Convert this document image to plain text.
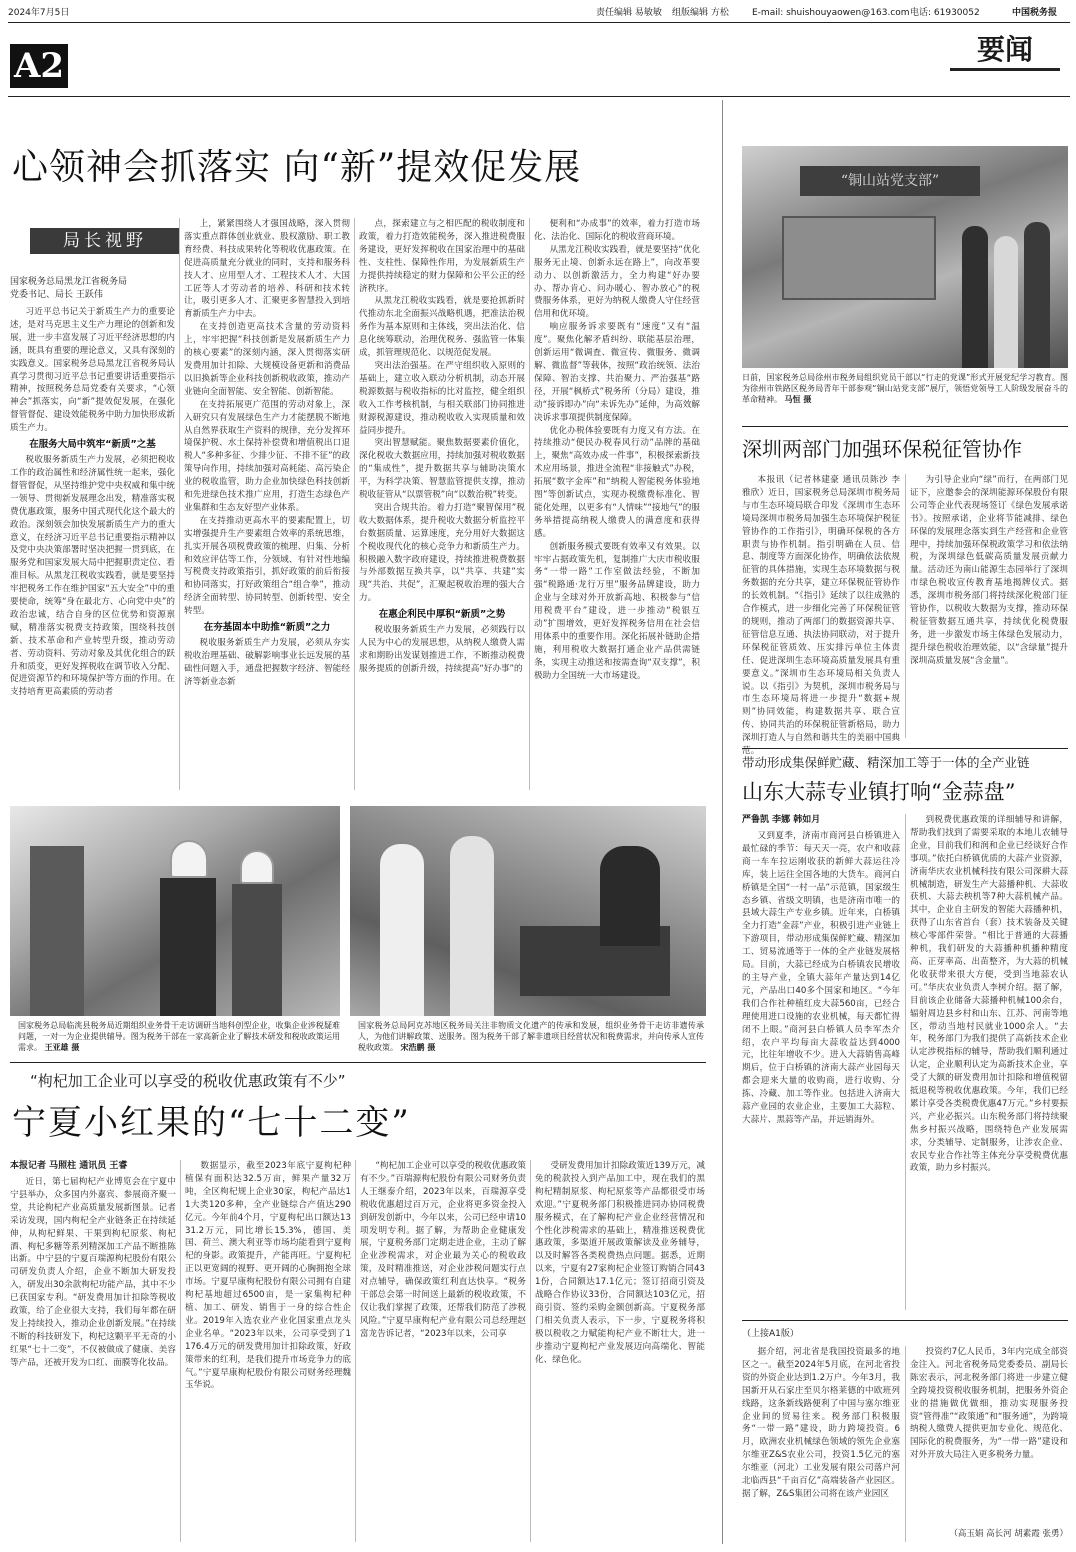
2024年7月5日	责任编辑 易敏敏 组版编辑 方松	E-mail: shuishouyaowen@163.com 电话: 61930052	中国税务报
A2	要闻
心领神会抓落实 向“新”提效促发展
局长视野
国家税务总局黑龙江省税务局
党委书记、局长 王跃伟

习近平总书记关于新质生产力的重要论述，是对马克思主义生产力理论的创新和发展，进一步丰富发展了习近平经济思想的内涵，既具有重要的理论意义，又具有深刻的实践意义。国家税务总局黑龙江省税务局认真学习贯彻习近平总书记重要讲话重要指示精神，按照税务总局党委有关要求，“心领神会”抓落实，向“新”提效促发展，在强化督管督促、建设效能税务中助力加快形成新质生产力。

在服务大局中筑牢“新质”之基

税收服务新质生产力发展，必须把税收工作的政治属性和经济属性统一起来，强化督管督促，从坚持维护党中央权威和集中统一领导、贯彻新发展理念出发，精准落实税费优惠政策，服务中国式现代化这个最大的政治。深刻领会加快发展新质生产力的重大意义，在经济习近平总书记重要指示精神以及党中央决策部署时坚决把握一贯到底，在服务党和国家发展大局中把握职责定位、看准目标。从黑龙江税收实践看，就是要坚持牢把税务工作在维护国家“五大安全”中的重要使命，统筹“身在最北方、心向党中央”的政治忠诚，结合自身的区位优势和资源禀赋，精准落实税费支持政策，围绕科技创新、技术革命和产业转型升级，推动劳动者、劳动资料、劳动对象及其优化组合的跃升和质变，更好发挥税收在调节收入分配、促进资源节约和环境保护等方面的作用。在支持培育更高素质的劳动者

上，紧紧围绕人才强国战略，深入贯彻落实重点群体创业就业、股权激励、职工教育经费、科技成果转化等税收优惠政策。在促进高质量充分就业的同时，支持和服务科技人才、应用型人才、工程技术人才、大国工匠等人才劳动者的培养、科研和技术转让，吸引更多人才、汇聚更多智慧投入到培育新质生产力中去。

在支持创造更高技术含量的劳动资料上，牢牢把握“科技创新是发展新质生产力的核心要素”的深刻内涵，深入贯彻落实研发费用加计扣除、大规模设备更新和消费品以旧换新等企业科技创新税收政策，推动产业链向全面智能、安全智能、创新智能。

在支持拓展更广范围的劳动对象上，深入研究只有发展绿色生产力才能摆脱不断地从自然界获取生产资料的规律，充分发挥环境保护税、水土保持补偿费和增值税出口退税人“多种多征、少排少征、不排不征”的政策导向作用，持续加强对高耗能、高污染企业的税收监管，助力企业加快绿色科技创新和先进绿色技术推广应用，打造生态绿色产业集群和生态友好型产业体系。

在支持推动更高水平的要素配置上，切实增强提升生产要素组合效率的系统思维，扎实开展各项税费政策的梳理、归集、分析和效应评估等工作，分领域、有针对性地编写税费支持政策指引，抓好政策的前后衔接和协同落实，打好政策组合“组合拳”，推动经济全面转型、协同转型、创新转型、安全转型。

在夯基固本中助推“新质”之力

税收服务新质生产力发展，必须从夯实税收治理基础、破解影响事业长远发展的基础性问题入手，通盘把握数字经济、智能经济等新业态新

点，探索建立与之相匹配的税收制度和政策，着力打造效能税务，深入推进税费服务建设，更好发挥税收在国家治理中的基础性、支柱性、保障性作用，为发展新质生产力提供持续稳定的财力保障和公平公正的经济秩序。

从黑龙江税收实践看，就是要抢抓新时代推动东北全面振兴战略机遇，把准法治税务作为基本原则和主体线，突出法治化、信息化统筹联动，治理优税务、强监管一体集成，抓管理规范化、以规范促发展。

突出法治强基。在严守组织收入原则的基础上，建立收入联动分析机制，动态开展税源数据与税收指标的比对监控，健全组织收入工作考核机制，与相关联部门协同推进财源税源建设，推动税收收入实现质量和效益同步提升。

突出智慧赋能。聚焦数据要素价值化，深化税收大数据应用，持续加强对税收数据的“集成性”，提升数据共享与辅助决策水平，为科学决策、智慧监管提供支撑，推动税收征管从“以票管税”向“以数治税”转变。

突出合规共治。着力打造“聚智保用”税收大数据体系，提升税收大数据分析监控平台数据质量、运算速度，充分用好大数据这个税收现代化的核心竞争力和新质生产力。积极融入数字政府建设，持续推进税费数据与外部数据互换共享，以“共享、共建”实现“共治、共促”，汇聚起税收治理的强大合力。

在惠企利民中厚积“新质”之势

税收服务新质生产力发展，必须践行以人民为中心的发展思想，从纳税人缴费人需求和期盼出发谋划推进工作，不断推动税费服务提质的创新升级，持续提高“好办事”的

便利和“办成事”的效率，着力打造市场化、法治化、国际化的税收营商环境。

从黑龙江税收实践看，就是要坚持“优化服务无止境、创新永远在路上”，向改革要动力、以创新激活力，全力构建“好办要办、帮办肯心、问办暖心、智办放心”的税费服务体系，更好为纳税人缴费人守住经营信用和优环境。

响应服务诉求要既有“速度”又有“温度”。聚焦化解矛盾纠纷、联能基层治理，创新运用“微调査、微宣传、微服务、微调解、微监督”等载体，按照“政治统领、法治保障、智治支撑、共治聚力、严治强基”路径，开展“枫桥式”税务所（分局）建设，推动“接诉即办”向“未诉先办”延伸，为高效解决诉求事项提供制度保障。

优化办税体验要既有力度又有方法。在持续推动“便民办税春风行动”品牌的基础上，聚焦“高效办成一件事”，积极探索新技术应用场景，推进全流程“非接触式”办税，拓展“数字金库”和“纳税人智能税务体验地图”等创新试点，实现办税缴费标准化、智能化处理，以更多有“人情味”“接地气”的服务举措提高纳税人缴费人的满意度和获得感。

创新服务模式要既有效率又有效果。以牢牢占据政策先机，复制推广大庆市税收服务“一带一路”工作室做法经验，不断加强“税路通·龙行万里”服务品牌建设，助力企业与全球对外开放新高地、积极参与“信用税费平台”建设，进一步推动“税银互动”扩围增效，更好发挥税务信用在社会信用体系中的重要作用。深化拓展补链助企措施，利用税收大数据打通企业产品供需链条，实现主动推送和按需查询“双支撑”，积极助力全国统一大市场建设。

“铜山站党支部”
日前，国家税务总局徐州市税务局组织党员干部以“行走的党课”形式开展党纪学习教育。图为徐州市铁路区税务局青年干部参观“铜山站党支部”展厅，领悟党领导工人阶级发展奋斗的革命精神。 马恒 摄
深圳两部门加强环保税征管协作

本报讯（记者林建豪 通讯员陈沙 李雅欣）近日，国家税务总局深圳市税务局与市生态环境局联合印发《深圳市生态环境局深圳市税务局加强生态环境保护税征管协作的工作指引》，明确环保税的各方职责与协作机制。指引明确在人员、信息、制度等方面深化协作，明确依法依规征管的具体措施，实现生态环境数据与税务数据的充分共享，建立环保税征管协作的长效机制。“《指引》延续了以往成熟的合作模式，进一步细化完善了环保税征管的规则，推动了两部门的数据资源共享、征管信息互通、执法协同联动，对于提升环保税征管质效、压实排污单位主体责任、促进深圳生态环境高质量发展具有重要意义。”深圳市生态环境局相关负责人说。以《指引》为契机，深圳市税务局与市生态环境局将进一步提升“数据+规则”协同效能，构建数据共享、联合宣传、协同共治的环保税征管新格局，助力深圳打造人与自然和谐共生的美丽中国典范。

为引导企业向“绿”而行，在两部门见证下，应邀参会的深圳能源环保股份有限公司等企业代表现场签订《绿色发展承诺书》。按照承诺，企业将节能减排、绿色环保的发展理念落实到生产经营和企业管理中，持续加强环保税政策学习和依法纳税，为深圳绿色低碳高质量发展贡献力量。活动还为南山能源生态园举行了深圳市绿色税收宣传教育基地揭牌仪式。据悉，深圳市税务部门将持续深化税部门征管协作，以税收大数据为支撑，推动环保税征管数据互通共享，持续优化税费服务，进一步激发市场主体绿色发展动力，提升绿色税收治理效能，以“含绿量”提升深圳高质量发展“含金量”。

带动形成集保鲜贮藏、精深加工等于一体的全产业链
山东大蒜专业镇打响“金蒜盘”
严鲁凯 李娜 韩如月

又到夏季，济南市商河县白桥镇进入最忙碌的季节：每天天一亮，农户和收蒜商一车车拉运刚收获的新鲜大蒜运往冷库，装上运往全国各地的大货车。商河白桥镇是全国“一村一品”示范镇，国家级生态乡镇、省级文明镇，也是济南市唯一的县域大蒜生产专业乡镇。近年来，白桥镇全力打造“金蒜”产业，积极引进产业链上下游项目，带动形成集保鲜贮藏、精深加工、贸易流通等于一体的全产业链发展格局。目前，大蒜已经成为白桥镇农民增收的主导产业，全镇大蒜年产量达到14亿元，产品出口40多个国家和地区。“今年我们合作社种植红皮大蒜560亩，已经合理使用进口设施的农业机械，每天都忙得闭不上眼。”商河县白桥镇人员李军杰介绍，农户平均每亩大蒜收益达到4000元，比往年增收不少。进入大蒜销售高峰期后，位于白桥镇的济南大蒜产业园每天都会迎来大量的收购商，进行收购、分拣、冷藏、加工等作业。包括进入济南大蒜产业园的农业企业，主要加工大蒜粒、大蒜片、黑蒜等产品，并远销海外。

到税费优惠政策的详细辅导和讲解，帮助我们找到了需要采取的本地儿农辅导企业，目前我们和润和企业已经谈好合作事项。”依托白桥镇优质的大蒜产业资源，济南华庆农业机械科技有限公司深耕大蒜机械制造，研发生产大蒜播种机、大蒜收获机、大蒜去秧机等7种大蒜机械产品。其中，企业自主研发的智能大蒜播种机，获得了山东省首台（套）技术装备及关键核心零部件荣誉。“相比于普通的大蒜播种机，我们研发的大蒜播种机播种精度高、正芽率高、出苗整齐，为大蒜的机械化收获带来很大方便，受到当地蒜农认可。”华庆农业负责人李树介绍。据了解，目前该企业储备大蒜播种机械100余台，辐射周边县乡村和山东、江苏、河南等地区，带动当地村民就业1000余人。“去年，税务部门为我们提供了高新技术企业认定涉税指标的辅导，帮助我们顺利通过认定，企业顺利认定为高新技术企业，享受了大额的研发费用加计扣除和增值税留抵退税等税收优惠政策。今年，我们已经累计享受各类税费优惠47万元。”乡村要振兴，产业必振兴。山东税务部门将持续聚焦乡村振兴战略，围绕特色产业发展需求，分类辅导、定制服务，让涉农企业、农民专业合作社等主体充分享受税费优惠政策，助力乡村振兴。

（上接A1版）

据介绍，河北省是我国投资最多的地区之一。截至2024年5月底，在河北省投资的外资企业达到1.2万户。今年3月，我国新开从石家庄至贝尔格莱德的中欧班列线路，这条新线路便利了中国与塞尔维亚企业间的贸易往来。税务部门积极服务“一带一路”建设，助力跨境投资。6月，欧洲农业机械绿色领域的领先企业塞尔维亚Z&S农业公司，投资1.5亿元的塞尔维亚（河北）工业发展有限公司落户河北临西县“千亩百亿”高端装备产业园区。据了解，Z&S集团公司将在该产业园区

投资约7亿人民币，3年内完成全部资金注入。河北省税务局党委委员、副局长陈宏表示，河北税务部门将进一步建立健全跨境投资税收服务机制，把服务外资企业的措施做优做细，推动实现服务投资“管得准”“政策通”和“服务通”，为跨境纳税人缴费人提供更加专业化、规范化、国际化的税费服务，为“一带一路”建设和对外开放大局注入更多税务力量。

（高玉娟 高长河 胡素霞 张勇）
国家税务总局临洮县税务局近期组织业务骨干走访调研当地科创型企业，收集企业涉税疑难问题，一对一为企业提供辅导。图为税务干部在一家高新企业了解技术研发和税收政策运用需求。 王亚雄 摄
国家税务总局阿克苏地区税务局关注非物质文化遗产的传承和发展，组织业务骨干走访非遗传承人，为他们讲解政策、送服务。图为税务干部了解非遗项目经营状况和税费需求，并向传承人宣传税收政策。 宋浩鹏 摄
“枸杞加工企业可以享受的税收优惠政策有不少”
宁夏小红果的“七十二变”
本报记者 马照柱 通讯员 王睿

近日，第七届枸杞产业博览会在宁夏中宁县举办，众多国内外嘉宾、参展商齐聚一堂，共论枸杞产业高质量发展新图景。记者采访发现，国内枸杞全产业链条正在持续延伸，从枸杞鲜果、干果到枸杞原浆、枸杞酒、枸杞多糖等系列精深加工产品不断推陈出新。中宁县的宁夏百瑞源枸杞股份有限公司研发负责人介绍，企业不断加大研发投入，研发出30余款枸杞功能产品，其中不少已获国家专利。“研发费用加计扣除等税收政策，给了企业很大支持，我们每年都在研发上持续投入，推动企业创新发展。”在持续不断的科技研发下，枸杞这颗平平无奇的小红果“七十二变”，不仅被做成了健康、美容等产品，还被开发为口红、面膜等化妆品。

数据显示，截至2023年底宁夏枸杞种植保有面积达32.5万亩，鲜果产量32万吨，全区枸杞规上企业30家，枸杞产品达11大类120多种，全产业链综合产值达290亿元。今年前4个月，宁夏枸杞出口额达1331.2万元，同比增长15.3%，德国、美国、荷兰、澳大利亚等市场均能看到宁夏枸杞的身影。政策提升，产能再旺。宁夏枸杞正以更宽阔的视野、更开阔的心胸拥抱全球市场。宁夏早康枸杞股份有限公司拥有自建枸杞基地超过6500亩，是一家集枸杞种植、加工、研发、销售于一身的综合性企业。2019年入选农业产业化国家重点龙头企业名单。“2023年以来，公司享受到了1176.4万元的研发费用加计扣除政策，好政策带来的红利，是我们提升市场竞争力的底气。”宁夏早康枸杞股份有限公司财务经理魏玉华说。

“枸杞加工企业可以享受的税收优惠政策有不少。”百瑞源枸杞股份有限公司财务负责人王继泰介绍，2023年以来，百瑞源享受税收优惠超过百万元，企业将更多资金投入到研发创新中，今年以来，公司已经申请10项发明专利。据了解，为帮助企业健康发展，宁夏税务部门定期走进企业，主动了解企业涉税需求，对企业最为关心的税收政策，及时精准推送，对企业涉税问题实行点对点辅导，确保政策红利直达快享。“税务干部总会第一时间送上最新的税收政策，不仅让我们掌握了政策，还帮我们防范了涉税风险。”宁夏早康枸杞产业有限公司总经理赵富龙告诉记者，“2023年以来，公司享

受研发费用加计扣除政策近139万元，减免的税款投入到产品加工中，现在我们的黑枸杞精制原浆、枸杞原浆等产品都很受市场欢迎。”宁夏税务部门积极推进同办协同税费服务模式，在了解枸杞产业企业经营情况和个性化涉税需求的基础上，精准推送税费优惠政策，多渠道开展政策解读及业务辅导，以及时解答各类税费热点问题。据悉，近期以来，宁夏有27家枸杞企业签订购销合同431份，合同额达17.1亿元；签订招商引资及战略合作协议33份，合同额达103亿元，招商引资、签约采购金额创新高。宁夏税务部门相关负责人表示，下一步，宁夏税务将积极以税收之力赋能枸杞产业不断壮大，进一步推动宁夏枸杞产业发展迈向高端化、智能化、绿色化。
